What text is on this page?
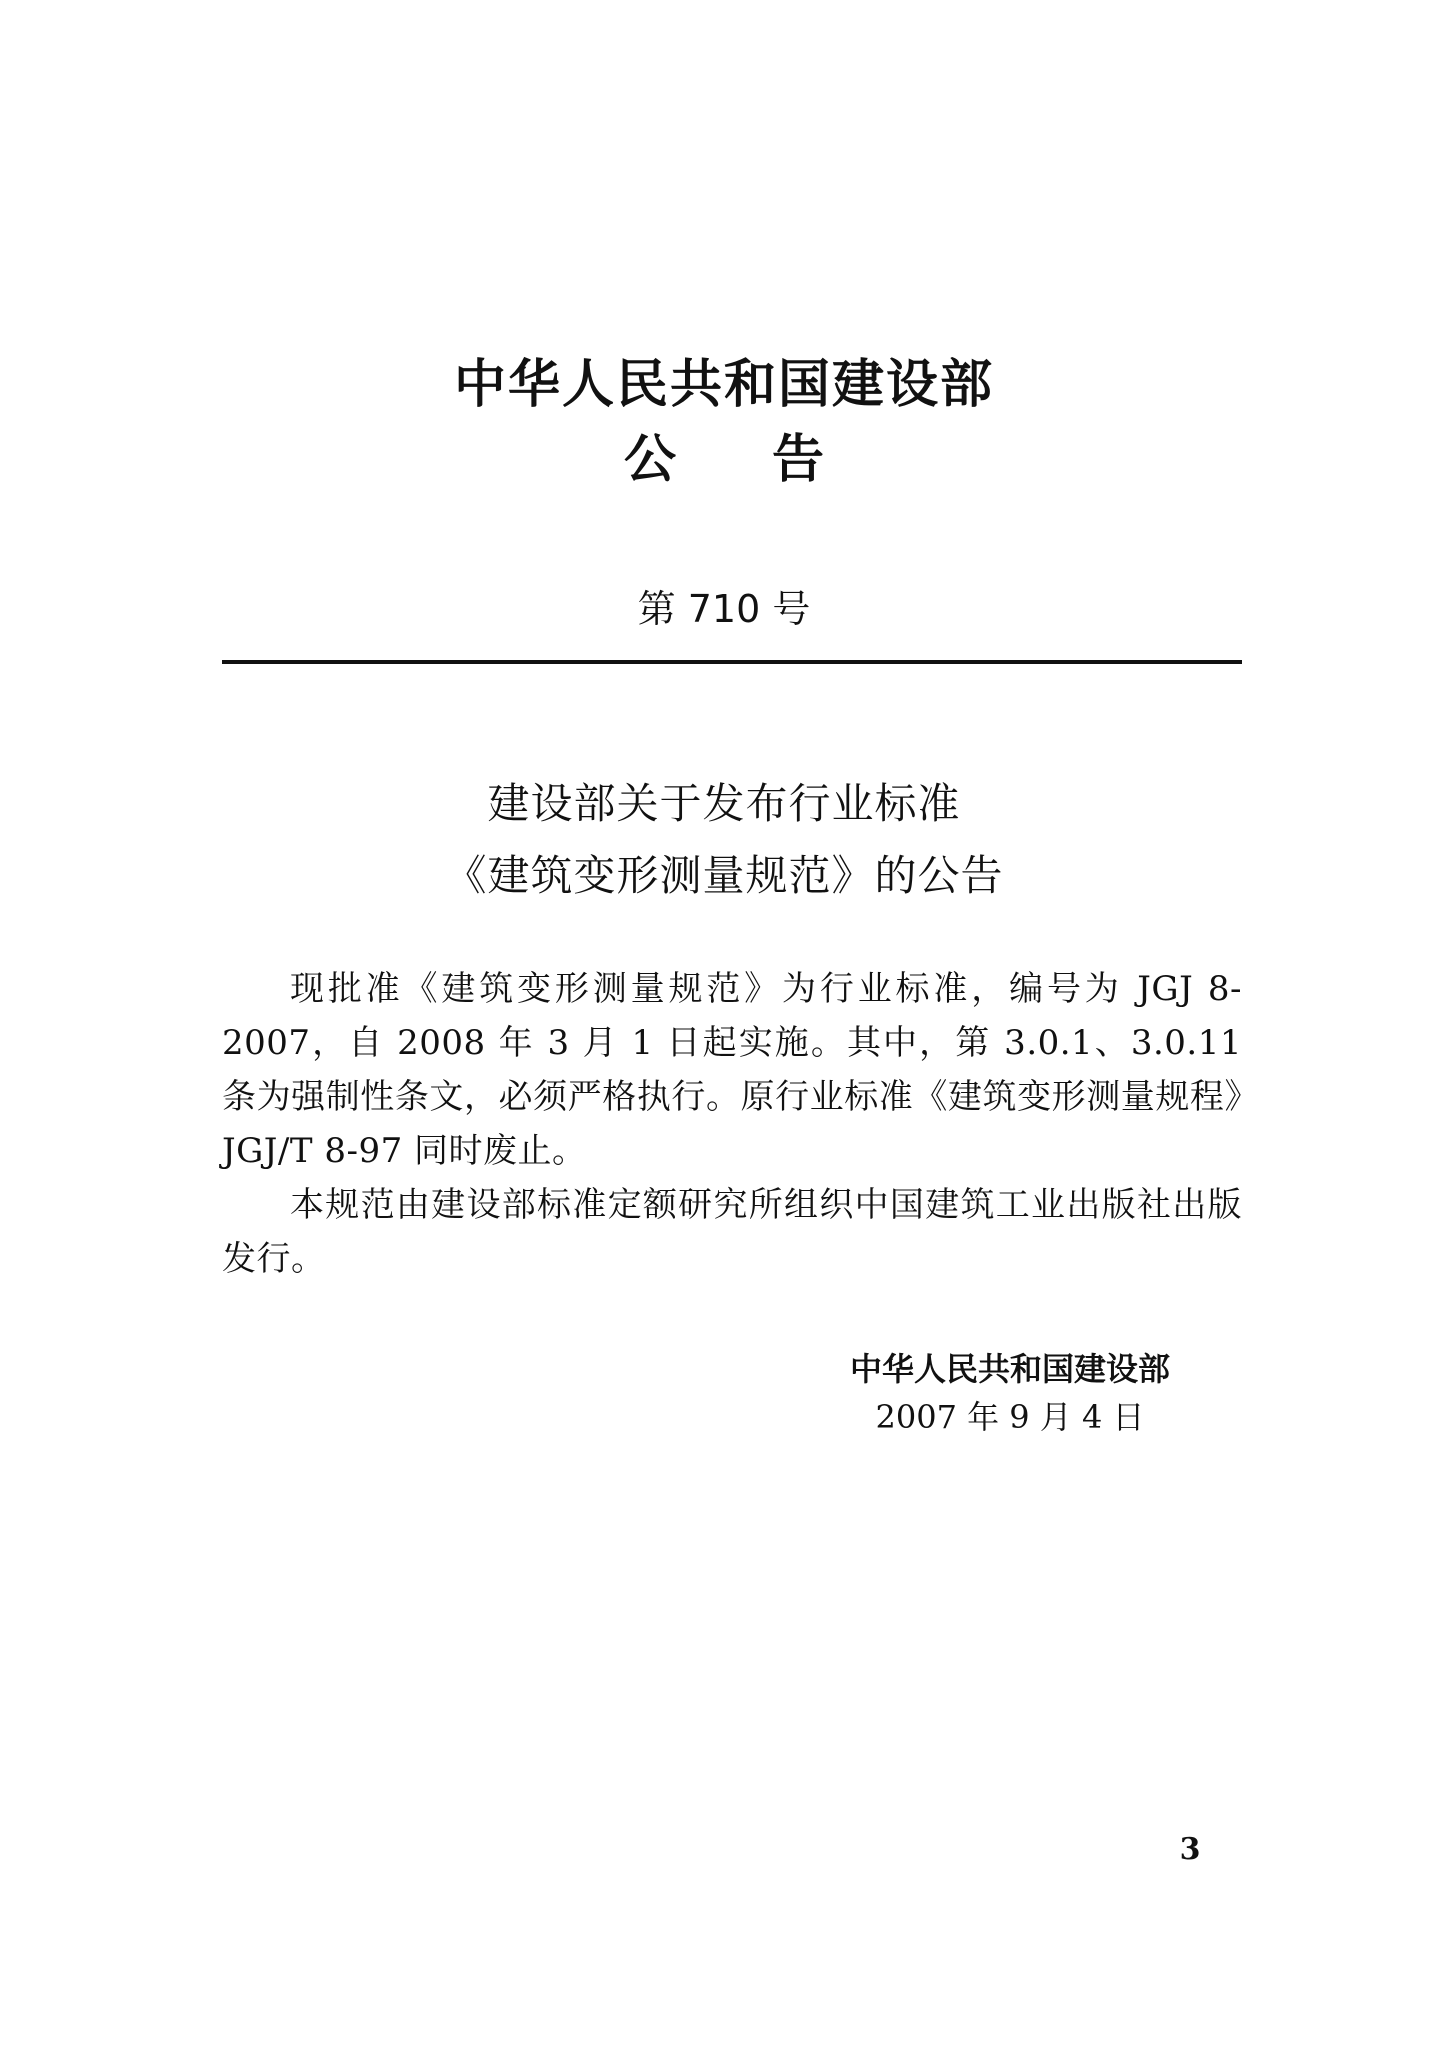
中华人民共和国建设部
公告
第 710 号
建设部关于发布行业标准
《建筑变形测量规范》的公告

现批准《建筑变形测量规范》为行业标准，编号为 JGJ 8-2007，自 2008 年 3 月 1 日起实施。其中，第 3.0.1、3.0.11 条为强制性条文，必须严格执行。原行业标准《建筑变形测量规程》JGJ/T 8-97 同时废止。

本规范由建设部标准定额研究所组织中国建筑工业出版社出版发行。

中华人民共和国建设部
2007 年 9 月 4 日
3
